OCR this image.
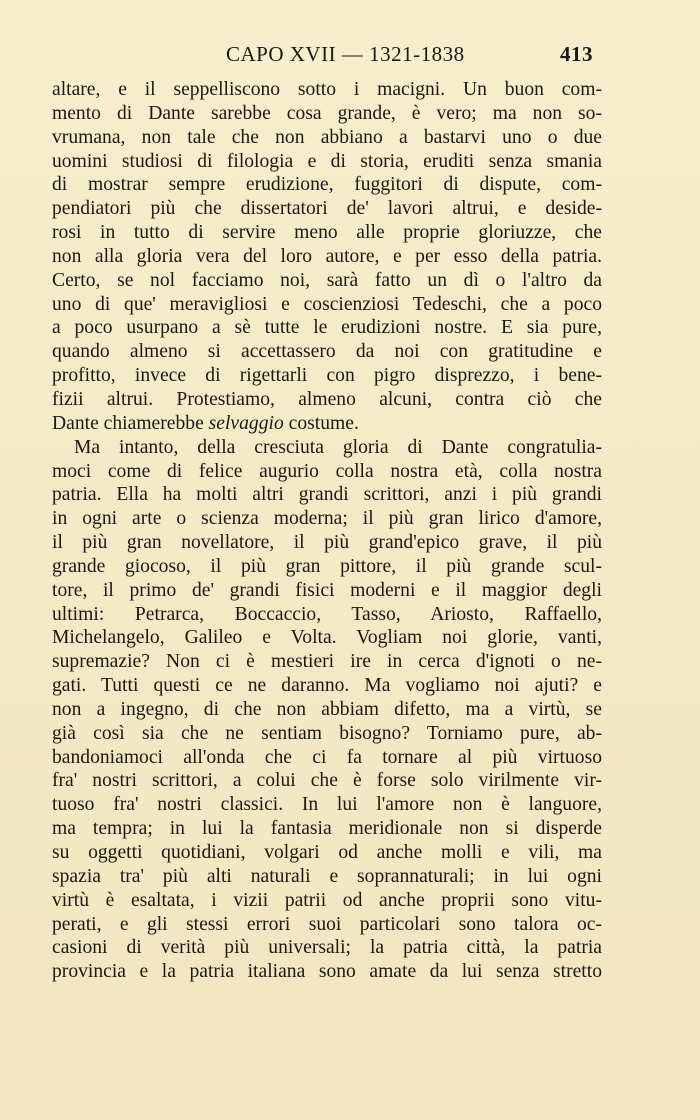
CAPO XVII — 1321-1838	413
altare, e il seppelliscono sotto i macigni. Un buon com-
mento di Dante sarebbe cosa grande, è vero; ma non so-
vrumana, non tale che non abbiano a bastarvi uno o due
uomini studiosi di filologia e di storia, eruditi senza smania
di mostrar sempre erudizione, fuggitori di dispute, com-
pendiatori più che dissertatori de' lavori altrui, e deside-
rosi in tutto di servire meno alle proprie gloriuzze, che
non alla gloria vera del loro autore, e per esso della patria.
Certo, se nol facciamo noi, sarà fatto un dì o l'altro da
uno di que' meravigliosi e coscienziosi Tedeschi, che a poco
a poco usurpano a sè tutte le erudizioni nostre. E sia pure,
quando almeno si accettassero da noi con gratitudine e
profitto, invece di rigettarli con pigro disprezzo, i bene-
fizii altrui. Protestiamo, almeno alcuni, contra ciò che
Dante chiamerebbe selvaggio costume.
Ma intanto, della cresciuta gloria di Dante congratulia-
moci come di felice augurio colla nostra età, colla nostra
patria. Ella ha molti altri grandi scrittori, anzi i più grandi
in ogni arte o scienza moderna; il più gran lirico d'amore,
il più gran novellatore, il più grand'epico grave, il più
grande giocoso, il più gran pittore, il più grande scul-
tore, il primo de' grandi fisici moderni e il maggior degli
ultimi: Petrarca, Boccaccio, Tasso, Ariosto, Raffaello,
Michelangelo, Galileo e Volta. Vogliam noi glorie, vanti,
supremazie? Non ci è mestieri ire in cerca d'ignoti o ne-
gati. Tutti questi ce ne daranno. Ma vogliamo noi ajuti? e
non a ingegno, di che non abbiam difetto, ma a virtù, se
già così sia che ne sentiam bisogno? Torniamo pure, ab-
bandoniamoci all'onda che ci fa tornare al più virtuoso
fra' nostri scrittori, a colui che è forse solo virilmente vir-
tuoso fra' nostri classici. In lui l'amore non è languore,
ma tempra; in lui la fantasia meridionale non si disperde
su oggetti quotidiani, volgari od anche molli e vili, ma
spazia tra' più alti naturali e soprannaturali; in lui ogni
virtù è esaltata, i vizii patrii od anche proprii sono vitu-
perati, e gli stessi errori suoi particolari sono talora oc-
casioni di verità più universali; la patria città, la patria
provincia e la patria italiana sono amate da lui senza stretto
